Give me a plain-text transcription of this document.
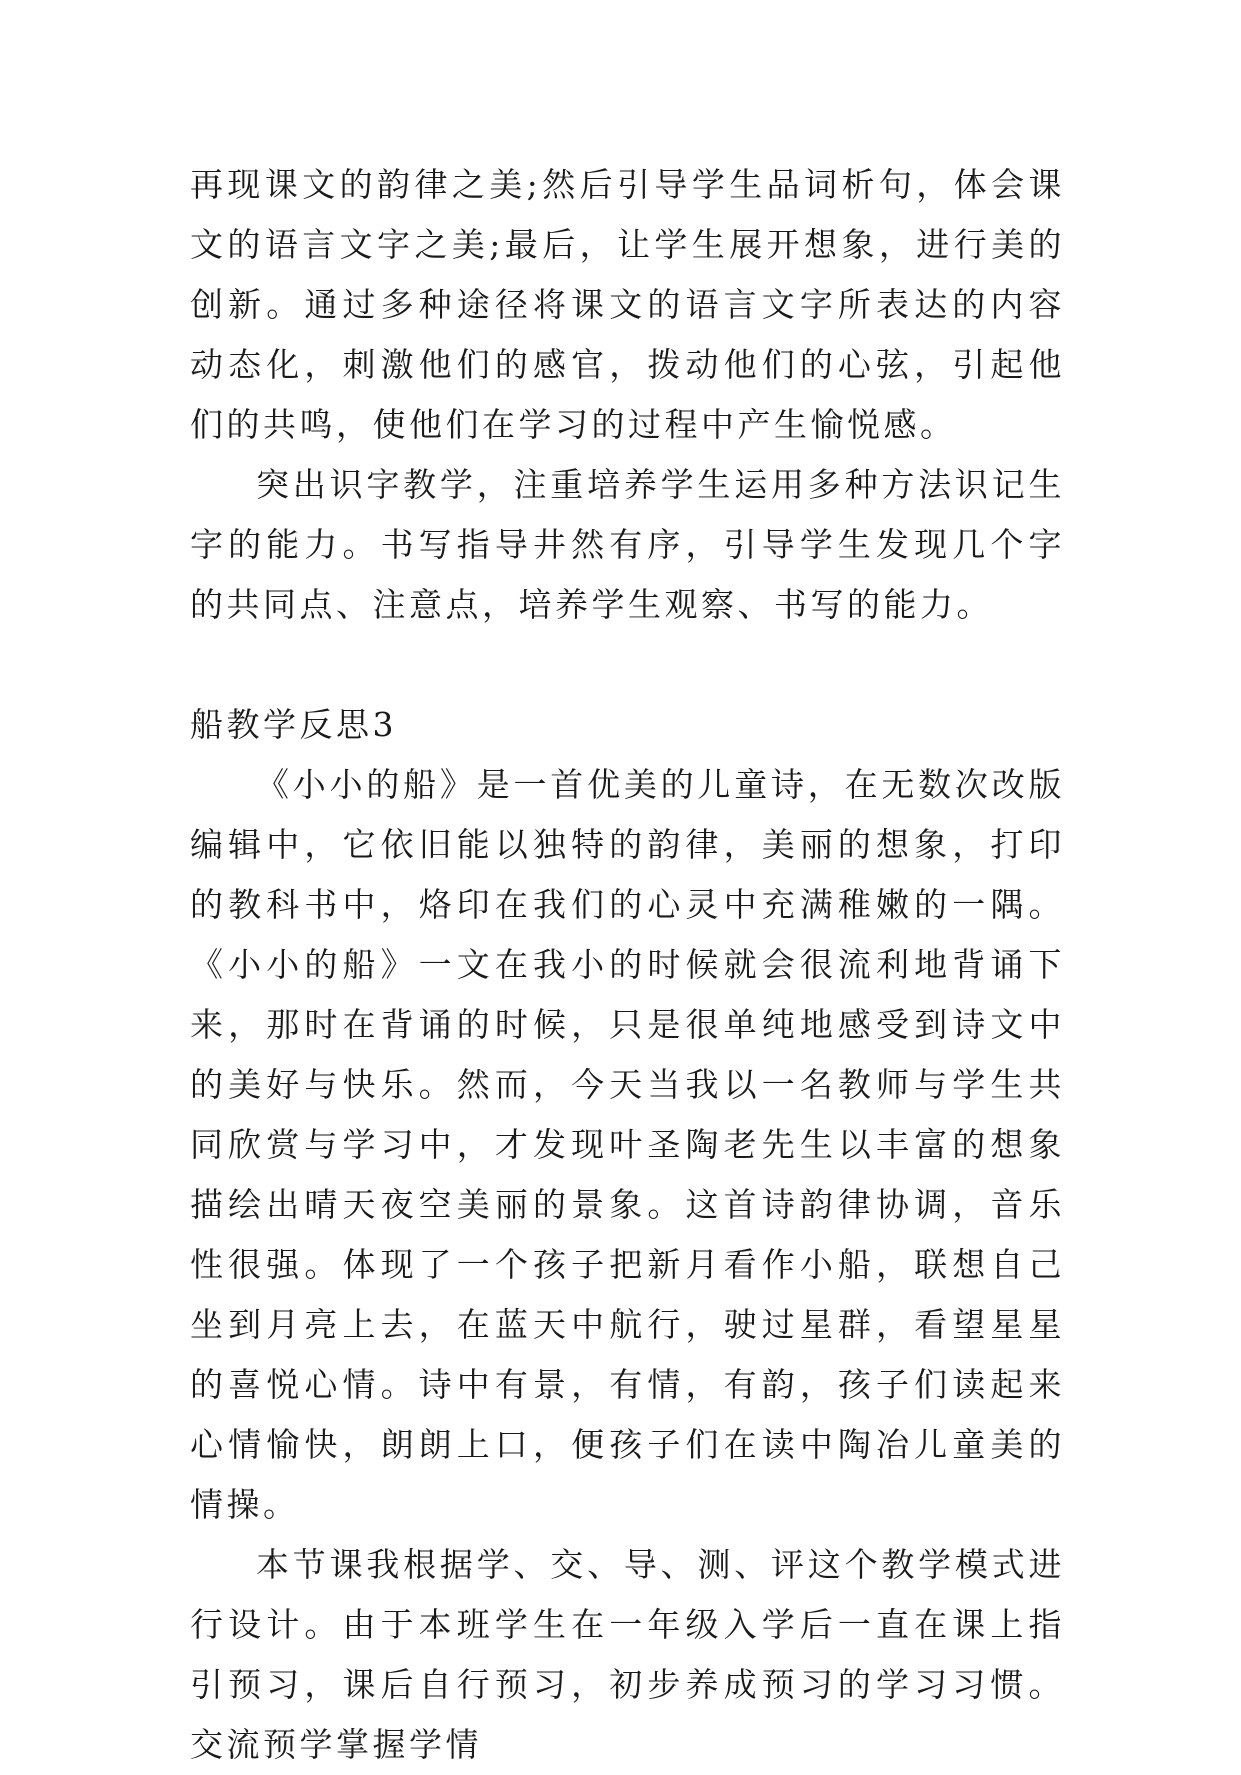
再现课文的韵律之美;然后引导学生品词析句，体会课文的语言文字之美;最后，让学生展开想象，进行美的创新。通过多种途径将课文的语言文字所表达的内容动态化，刺激他们的感官，拨动他们的心弦，引起他们的共鸣，使他们在学习的过程中产生愉悦感。

突出识字教学，注重培养学生运用多种方法识记生字的能力。书写指导井然有序，引导学生发现几个字的共同点、注意点，培养学生观察、书写的能力。

船教学反思3

《小小的船》是一首优美的儿童诗，在无数次改版编辑中，它依旧能以独特的韵律，美丽的想象，打印的教科书中，烙印在我们的心灵中充满稚嫩的一隅。《小小的船》一文在我小的时候就会很流利地背诵下来，那时在背诵的时候，只是很单纯地感受到诗文中的美好与快乐。然而，今天当我以一名教师与学生共同欣赏与学习中，才发现叶圣陶老先生以丰富的想象描绘出晴天夜空美丽的景象。这首诗韵律协调，音乐性很强。体现了一个孩子把新月看作小船，联想自己坐到月亮上去，在蓝天中航行，驶过星群，看望星星的喜悦心情。诗中有景，有情，有韵，孩子们读起来心情愉快，朗朗上口，便孩子们在读中陶冶儿童美的情操。

本节课我根据学、交、导、测、评这个教学模式进行设计。由于本班学生在一年级入学后一直在课上指引预习，课后自行预习，初步养成预习的学习习惯。交流预学掌握学情
